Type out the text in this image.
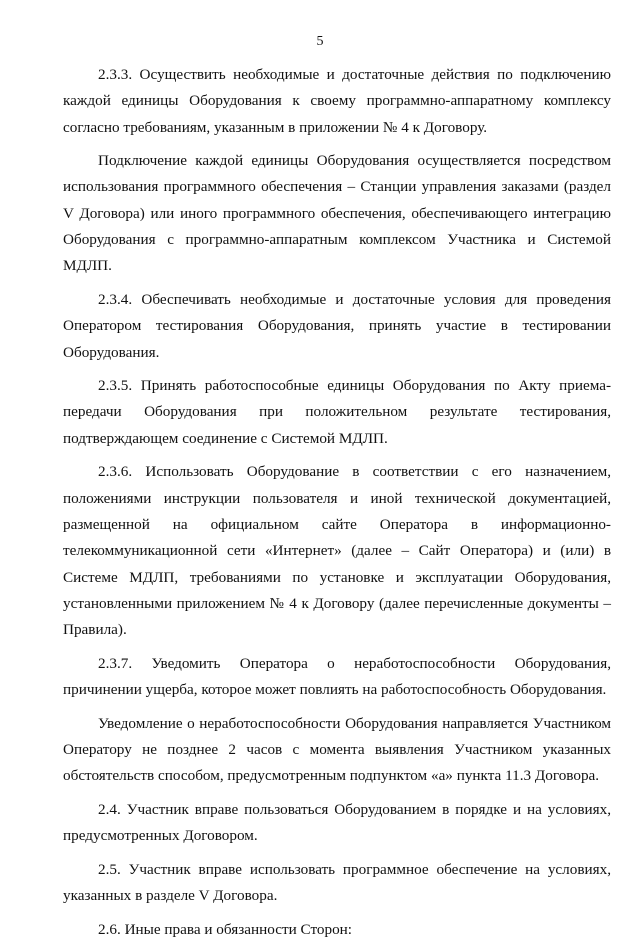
5

2.3.3. Осуществить необходимые и достаточные действия по подключению каждой единицы Оборудования к своему программно-аппаратному комплексу согласно требованиям, указанным в приложении № 4 к Договору.

Подключение каждой единицы Оборудования осуществляется посредством использования программного обеспечения – Станции управления заказами (раздел V Договора) или иного программного обеспечения, обеспечивающего интеграцию Оборудования с программно-аппаратным комплексом Участника и Системой МДЛП.

2.3.4. Обеспечивать необходимые и достаточные условия для проведения Оператором тестирования Оборудования, принять участие в тестировании Оборудования.

2.3.5. Принять работоспособные единицы Оборудования по Акту приема-передачи Оборудования при положительном результате тестирования, подтверждающем соединение с Системой МДЛП.

2.3.6. Использовать Оборудование в соответствии с его назначением, положениями инструкции пользователя и иной технической документацией, размещенной на официальном сайте Оператора в информационно-телекоммуникационной сети «Интернет» (далее – Сайт Оператора) и (или) в Системе МДЛП, требованиями по установке и эксплуатации Оборудования, установленными приложением № 4 к Договору (далее перечисленные документы – Правила).

2.3.7. Уведомить Оператора о неработоспособности Оборудования, причинении ущерба, которое может повлиять на работоспособность Оборудования.

Уведомление о неработоспособности Оборудования направляется Участником Оператору не позднее 2 часов с момента выявления Участником указанных обстоятельств способом, предусмотренным подпунктом «а» пункта 11.3 Договора.

2.4. Участник вправе пользоваться Оборудованием в порядке и на условиях, предусмотренных Договором.

2.5. Участник вправе использовать программное обеспечение на условиях, указанных в разделе V Договора.

2.6. Иные права и обязанности Сторон:
